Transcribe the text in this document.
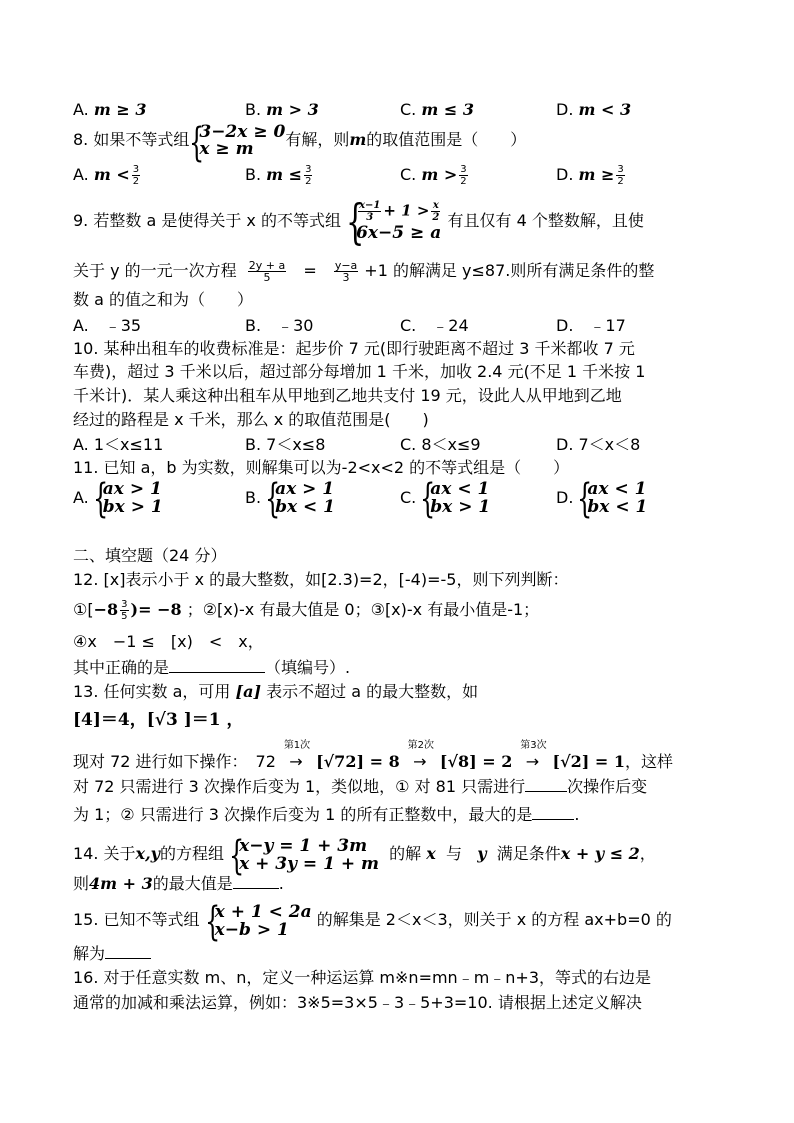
A. m ≥ 3	B. m > 3	C. m ≤ 3	D. m < 3
8. 如果不等式组 {
3−2x ≥ 0
x ≥ m	有解，则m的取值范围是（　　）
A. $m < \frac{3}{2}$	B. $m \le \frac{3}{2}$	C. $m > \frac{3}{2}$	D. $m \ge \frac{3}{2}$
9. 若整数 a 是使得关于 x 的不等式组 {
$\frac{x-1}{3} + 1 > \frac{x}{2}$
6x−5 ≥ a
有且仅有 4 个整数解，且使
关于 y 的一元一次方程 $\frac{2y + a}{5} = \frac{y-a}{3} +1$ 的解满足 y≤87.则所有满足条件的整
数 a 的值之和为（　　）
A.　﹣35	B.　﹣30	C.　﹣24	D.　﹣17
10. 某种出租车的收费标准是：起步价 7 元(即行驶距离不超过 3 千米都收 7 元
车费)，超过 3 千米以后，超过部分每增加 1 千米，加收 2.4 元(不足 1 千米按 1
千米计)．某人乘这种出租车从甲地到乙地共支付 19 元，设此人从甲地到乙地
经过的路程是 x 千米，那么 x 的取值范围是(　　)
A. 1＜x≤11	B. 7＜x≤8	C. 8＜x≤9	D. 7＜x＜8
11. 已知 a，b 为实数，则解集可以为-2<x<2 的不等式组是（　　）
A. {
ax > 1
bx > 1	B. {
ax > 1
bx < 1	C. {
ax < 1
bx > 1	D. {
ax < 1
bx < 1
二、填空题（24 分）
12. [x]表示小于 x 的最大整数，如[2.3)=2，[-4)=-5，则下列判断：
①[−8 $\frac{3}{5}$ )= −8 ；②[x)-x 有最大值是 0；③[x)-x 有最小值是-1；
④x　−1 ≤　[x)　<　x，
其中正确的是	（填编号）.
13. 任何实数 a，可用 [a] 表示不超过 a 的最大整数，如
[4]＝4，[√3 ]＝1 ，
现对 72 进行如下操作：　72
第1次
→ [√72] = 8
第2次
→ [√8] = 2
第3次
→ [√2] = 1，这样
对 72 只需进行 3 次操作后变为 1，类似地，① 对 81 只需进行	次操作后变
为 1；② 只需进行 3 次操作后变为 1 的所有正整数中，最大的是	.
14. 关于x,y的方程组 {
x−y = 1 + 3m
x + 3y = 1 + m 的解 x 与 y 满足条件x + y ≤ 2，
则4m + 3的最大值是	.
15. 已知不等式组 {
x + 1 < 2a
x−b > 1	的解集是 2＜x＜3，则关于 x 的方程 ax+b=0 的
解为
16. 对于任意实数 m、n，定义一种运运算 m※n=mn﹣m﹣n+3，等式的右边是
通常的加减和乘法运算，例如：3※5=3×5﹣3﹣5+3=10. 请根据上述定义解决
